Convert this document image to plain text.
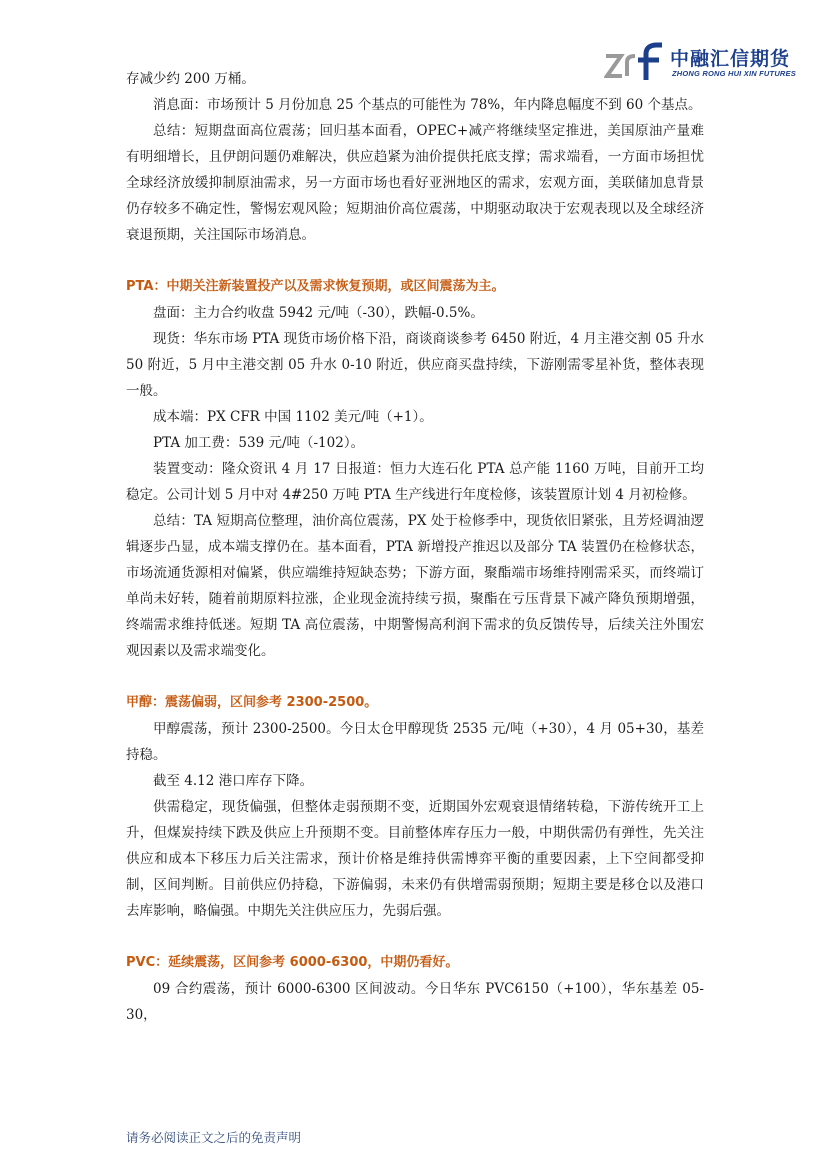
中融汇信期货
ZHONG RONG HUI XIN FUTURES

存减少约 200 万桶。

消息面：市场预计 5 月份加息 25 个基点的可能性为 78%，年内降息幅度不到 60 个基点。

总结：短期盘面高位震荡；回归基本面看，OPEC+减产将继续坚定推进，美国原油产量难有明细增长，且伊朗问题仍难解决，供应趋紧为油价提供托底支撑；需求端看，一方面市场担忧全球经济放缓抑制原油需求，另一方面市场也看好亚洲地区的需求，宏观方面，美联储加息背景仍存较多不确定性，警惕宏观风险；短期油价高位震荡，中期驱动取决于宏观表现以及全球经济衰退预期，关注国际市场消息。

PTA：中期关注新装置投产以及需求恢复预期，或区间震荡为主。

盘面：主力合约收盘 5942 元/吨（-30），跌幅-0.5%。

现货：华东市场 PTA 现货市场价格下沿，商谈商谈参考 6450 附近，4 月主港交割 05 升水 50 附近，5 月中主港交割 05 升水 0-10 附近，供应商买盘持续，下游刚需零星补货，整体表现一般。

成本端：PX CFR 中国 1102 美元/吨（+1）。

PTA 加工费：539 元/吨（-102）。

装置变动：隆众资讯 4 月 17 日报道：恒力大连石化 PTA 总产能 1160 万吨，目前开工均稳定。公司计划 5 月中对 4#250 万吨 PTA 生产线进行年度检修，该装置原计划 4 月初检修。

总结：TA 短期高位整理，油价高位震荡，PX 处于检修季中，现货依旧紧张，且芳烃调油逻辑逐步凸显，成本端支撑仍在。基本面看，PTA 新增投产推迟以及部分 TA 装置仍在检修状态，市场流通货源相对偏紧，供应端维持短缺态势；下游方面，聚酯端市场维持刚需采买，而终端订单尚未好转，随着前期原料拉涨，企业现金流持续亏损，聚酯在亏压背景下减产降负预期增强，终端需求维持低迷。短期 TA 高位震荡，中期警惕高利润下需求的负反馈传导，后续关注外围宏观因素以及需求端变化。

甲醇：震荡偏弱，区间参考 2300-2500。

甲醇震荡，预计 2300-2500。今日太仓甲醇现货 2535 元/吨（+30），4 月 05+30，基差持稳。

截至 4.12 港口库存下降。

供需稳定，现货偏强，但整体走弱预期不变，近期国外宏观衰退情绪转稳，下游传统开工上升，但煤炭持续下跌及供应上升预期不变。目前整体库存压力一般，中期供需仍有弹性，先关注供应和成本下移压力后关注需求，预计价格是维持供需博弈平衡的重要因素，上下空间都受抑制，区间判断。目前供应仍持稳，下游偏弱，未来仍有供增需弱预期；短期主要是移仓以及港口去库影响，略偏强。中期先关注供应压力，先弱后强。

PVC：延续震荡，区间参考 6000-6300，中期仍看好。

09 合约震荡，预计 6000-6300 区间波动。今日华东 PVC6150（+100），华东基差 05-30，

请务必阅读正文之后的免责声明
